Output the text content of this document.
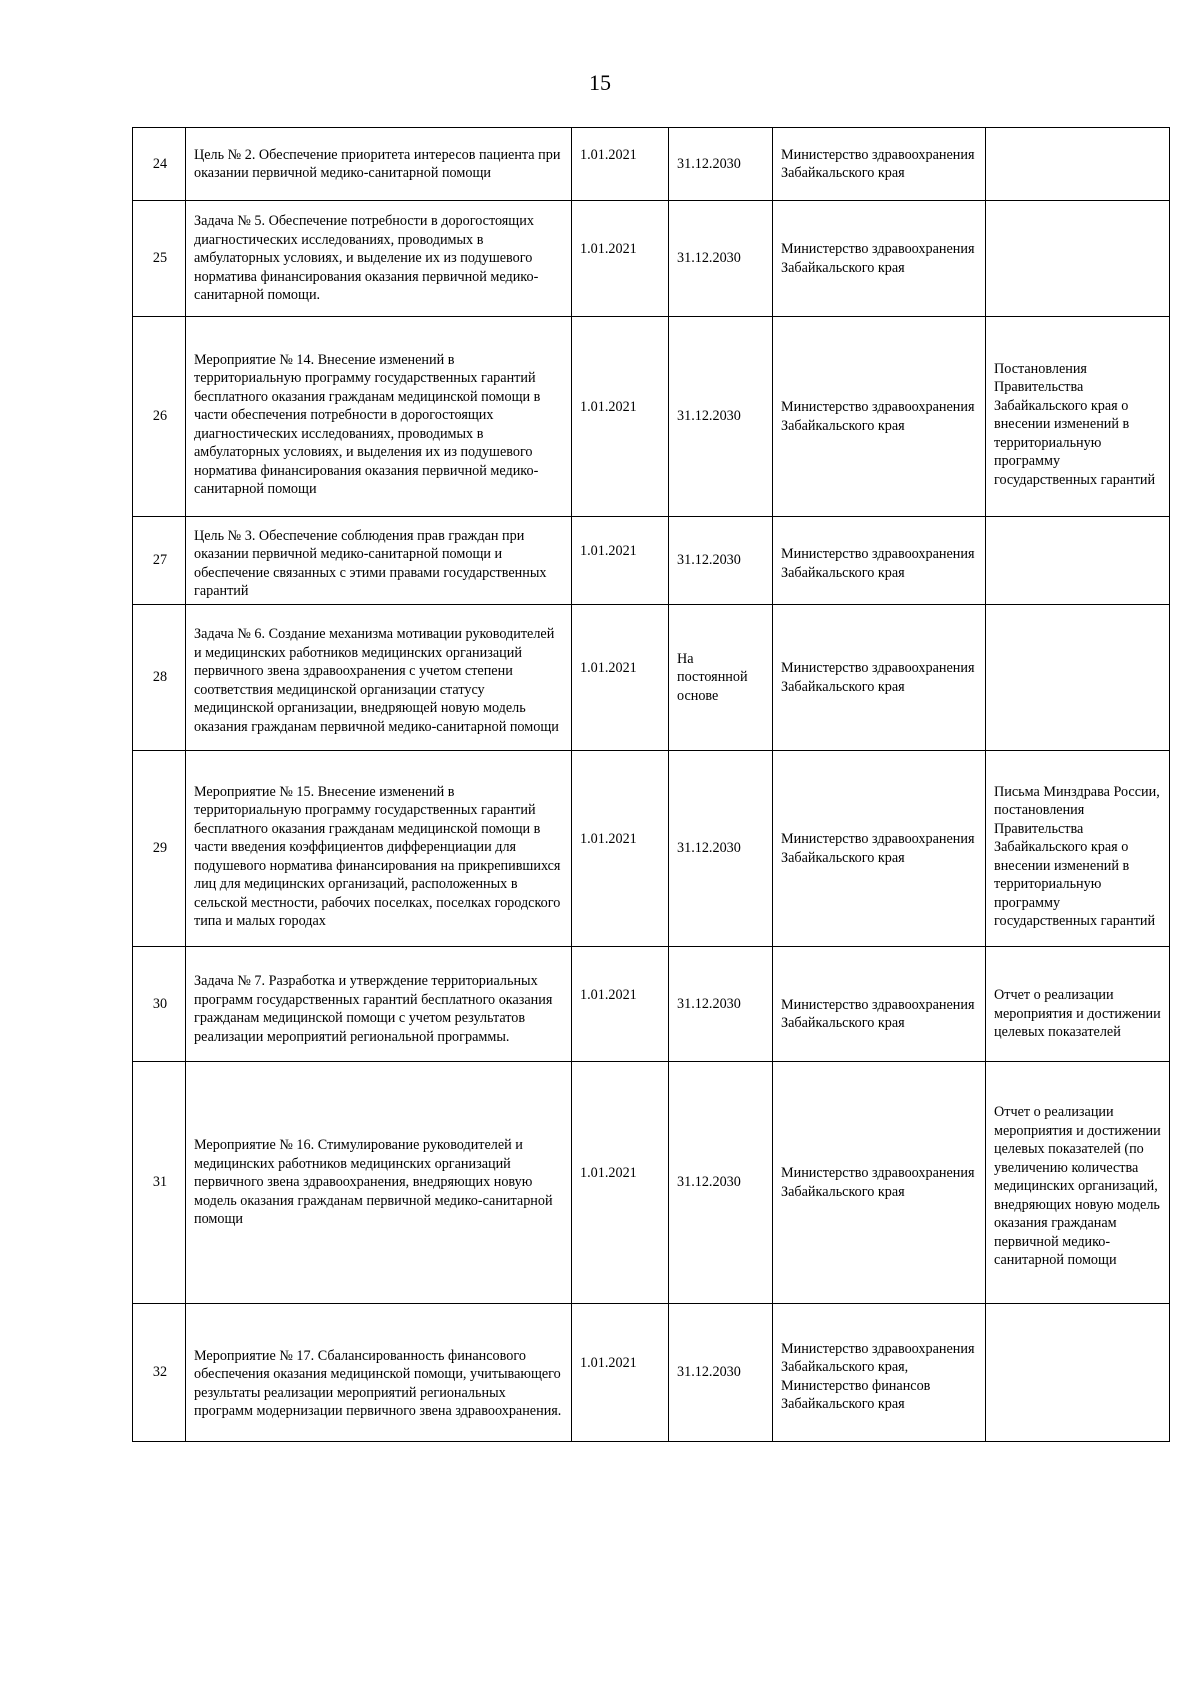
15
24	Цель № 2. Обеспечение приоритета интересов пациента при оказании первичной медико-санитарной помощи	1.01.2021	31.12.2030	Министерство здравоохранения Забайкальского края	
25	Задача № 5. Обеспечение потребности в дорогостоящих диагностических исследованиях, проводимых в амбулаторных условиях, и выделение их из подушевого норматива финансирования оказания первичной медико-санитарной помощи.	1.01.2021	31.12.2030	Министерство здравоохранения Забайкальского края	
26	Мероприятие № 14. Внесение изменений в территориальную программу государственных гарантий бесплатного оказания гражданам медицинской помощи в части обеспечения потребности в дорогостоящих диагностических исследованиях, проводимых в амбулаторных условиях, и выделения их из подушевого норматива финансирования оказания первичной медико-санитарной помощи	1.01.2021	31.12.2030	Министерство здравоохранения Забайкальского края	Постановления Правительства Забайкальского края о внесении изменений в территориальную программу государственных гарантий
27	Цель № 3. Обеспечение соблюдения прав граждан при оказании первичной медико-санитарной помощи и обеспечение связанных с этими правами государственных гарантий	1.01.2021	31.12.2030	Министерство здравоохранения Забайкальского края	
28	Задача № 6. Создание механизма мотивации руководителей и медицинских работников медицинских организаций первичного звена здравоохранения с учетом степени соответствия медицинской организации статусу медицинской организации, внедряющей новую модель оказания гражданам первичной медико-санитарной помощи	1.01.2021	На постоянной основе	Министерство здравоохранения Забайкальского края	
29	Мероприятие № 15. Внесение изменений в территориальную программу государственных гарантий бесплатного оказания гражданам медицинской помощи в части введения коэффициентов дифференциации для подушевого норматива финансирования на прикрепившихся лиц для медицинских организаций, расположенных в сельской местности, рабочих поселках, поселках городского типа и малых городах	1.01.2021	31.12.2030	Министерство здравоохранения Забайкальского края	Письма Минздрава России, постановления Правительства Забайкальского края о внесении изменений в территориальную программу государственных гарантий
30	Задача № 7. Разработка и утверждение территориальных программ государственных гарантий бесплатного оказания гражданам медицинской помощи с учетом результатов реализации мероприятий региональной программы.	1.01.2021	31.12.2030	Министерство здравоохранения Забайкальского края	Отчет о реализации мероприятия и достижении целевых показателей
31	Мероприятие № 16. Стимулирование руководителей и медицинских работников медицинских организаций первичного звена здравоохранения, внедряющих новую модель оказания гражданам первичной медико-санитарной помощи	1.01.2021	31.12.2030	Министерство здравоохранения Забайкальского края	Отчет о реализации мероприятия и достижении целевых показателей (по увеличению количества медицинских организаций, внедряющих новую модель оказания гражданам первичной медико-санитарной помощи
32	Мероприятие № 17. Сбалансированность финансового обеспечения оказания медицинской помощи, учитывающего результаты реализации мероприятий региональных программ модернизации первичного звена здравоохранения.	1.01.2021	31.12.2030	Министерство здравоохранения Забайкальского края, Министерство финансов Забайкальского края	
